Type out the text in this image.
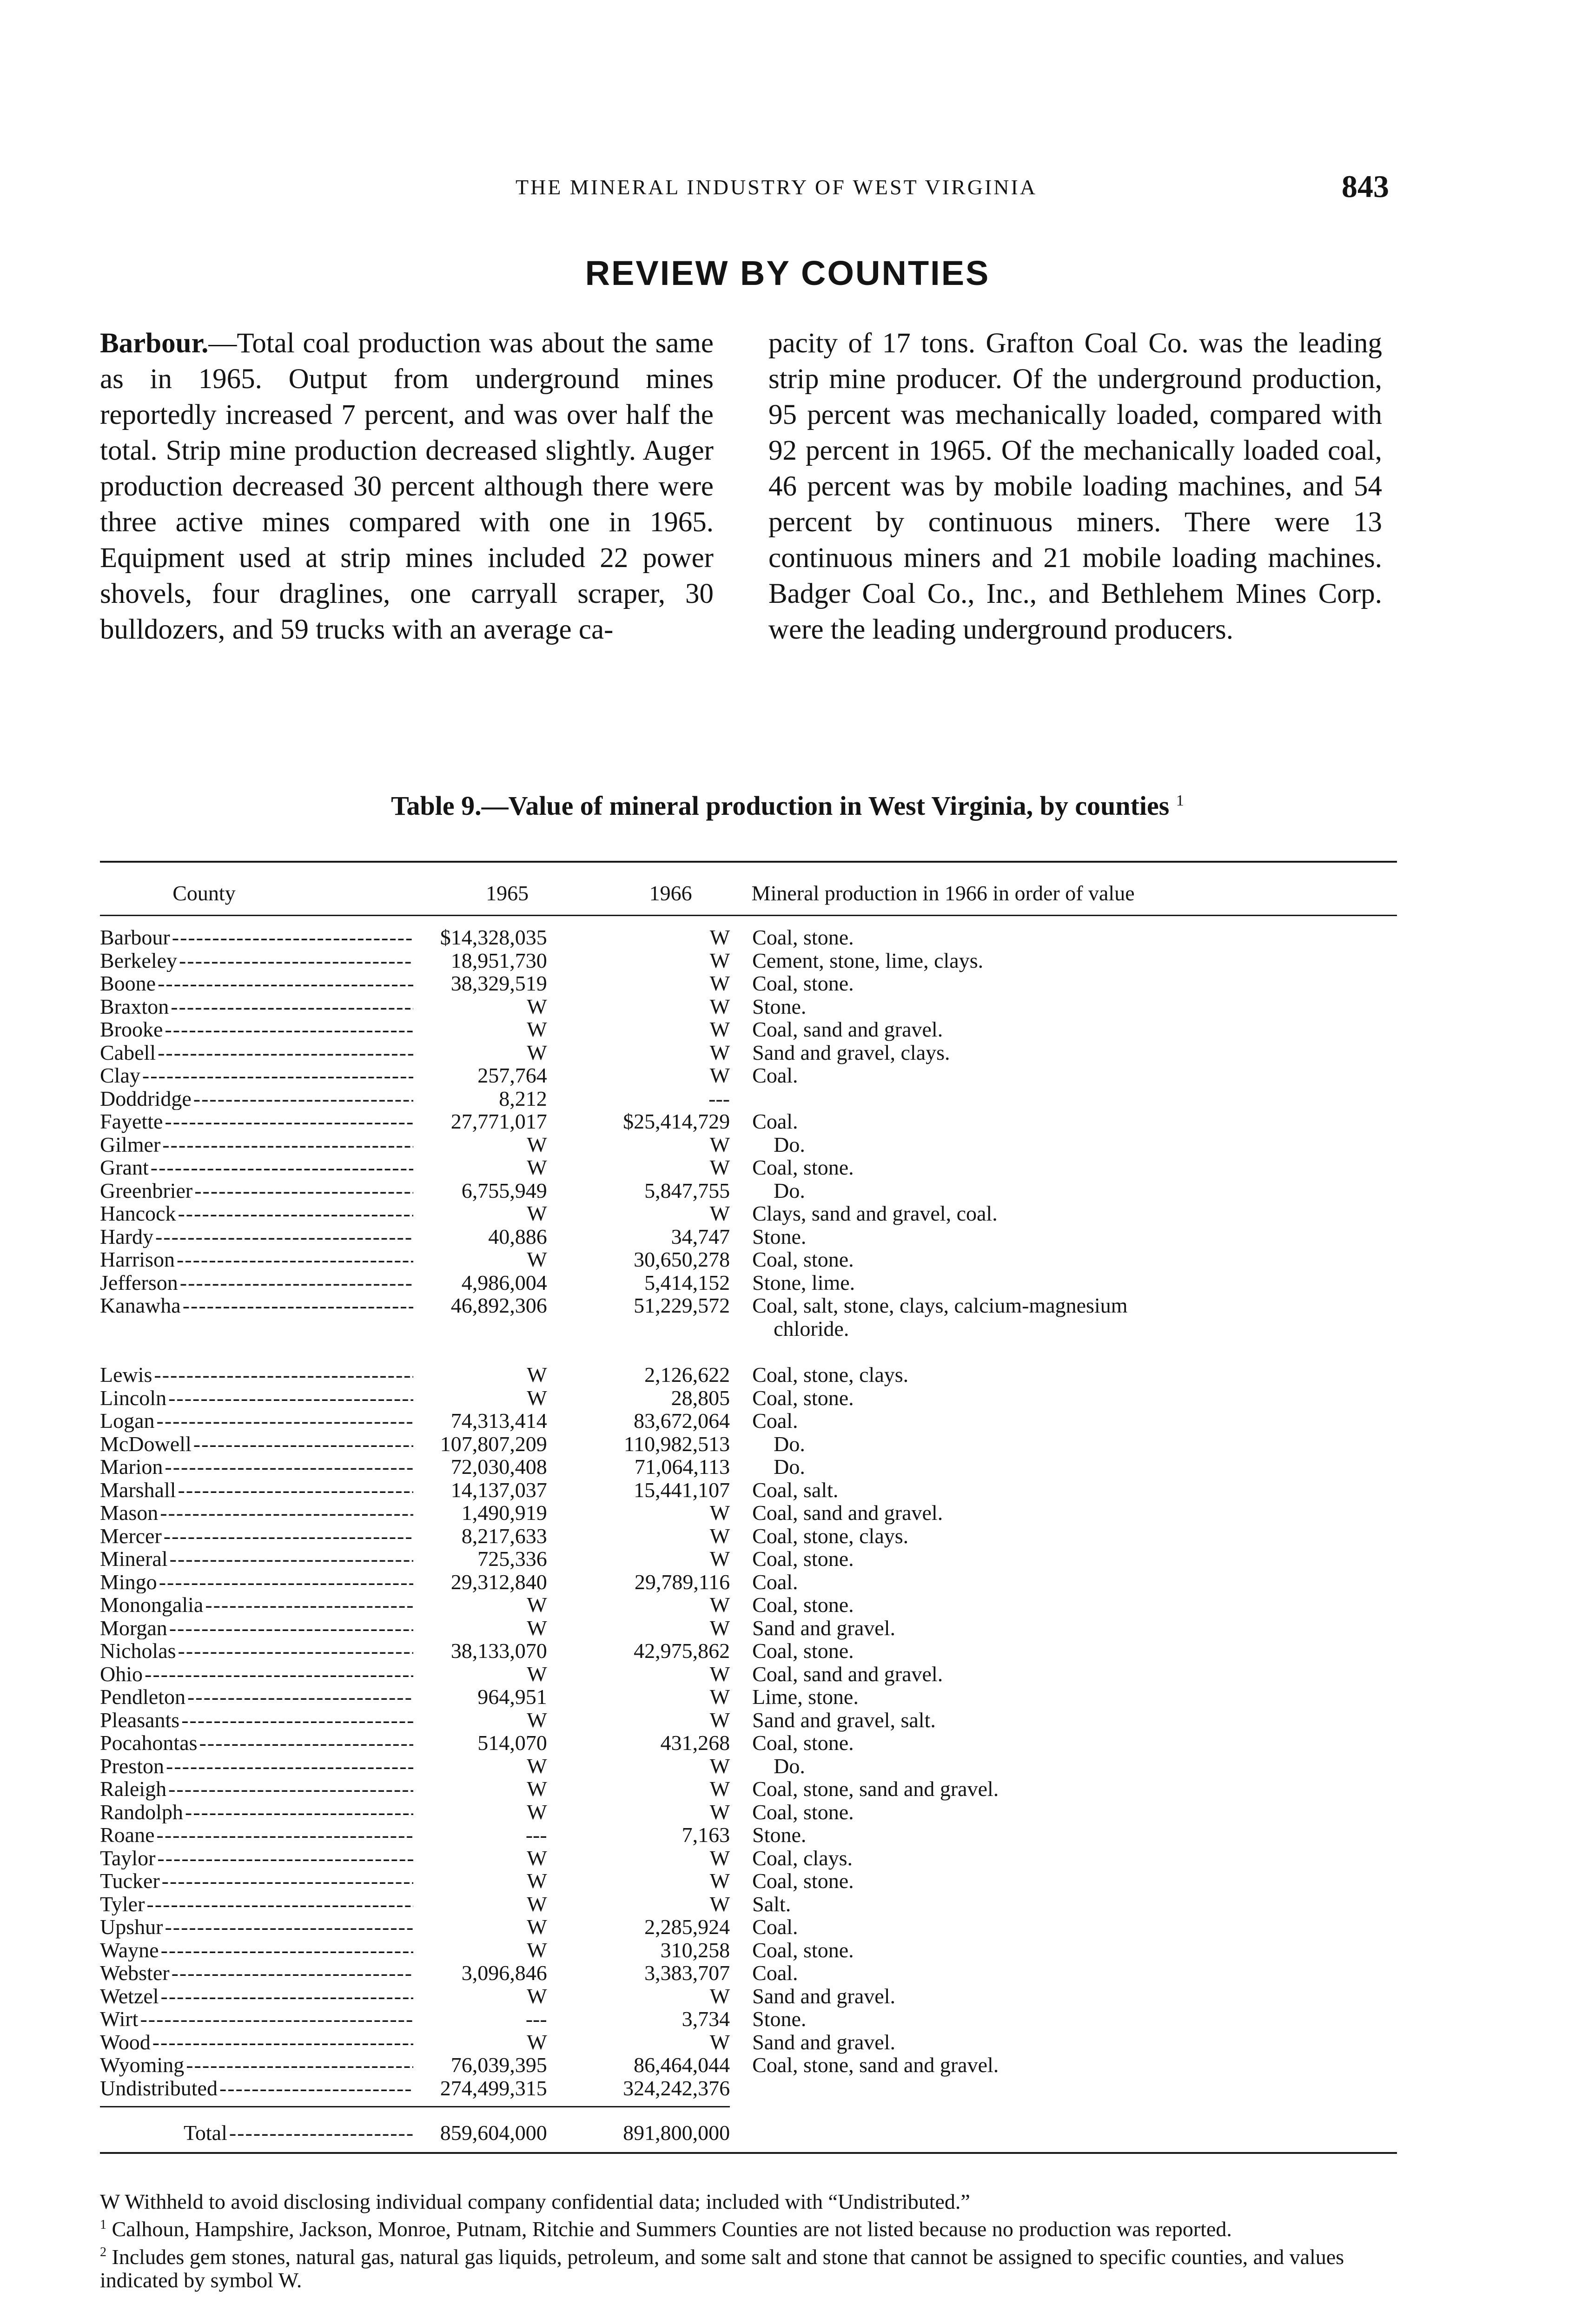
THE MINERAL INDUSTRY OF WEST VIRGINIA	843
REVIEW BY COUNTIES

Barbour.—Total coal production was about the same as in 1965. Output from underground mines reportedly increased 7 percent, and was over half the total. Strip mine production decreased slightly. Auger production decreased 30 percent although there were three active mines compared with one in 1965. Equipment used at strip mines included 22 power shovels, four draglines, one carryall scraper, 30 bulldozers, and 59 trucks with an average ca-

pacity of 17 tons. Grafton Coal Co. was the leading strip mine producer. Of the underground production, 95 percent was mechanically loaded, compared with 92 percent in 1965. Of the mechanically loaded coal, 46 percent was by mobile loading machines, and 54 percent by continuous miners. There were 13 continuous miners and 21 mobile loading machines. Badger Coal Co., Inc., and Bethlehem Mines Corp. were the leading underground producers.

Table 9.—Value of mineral production in West Virginia, by counties $^1$
County	1965	1966	Mineral production in 1966 in order of value
Barbour -----	$14,328,035	W	Coal, stone.

Berkeley -----	18,951,730	W	Cement, stone, lime, clays.

Boone -----	38,329,519	W	Coal, stone.

Braxton -----	W	W	Stone.

Brooke -----	W	W	Coal, sand and gravel.

Cabell -----	W	W	Sand and gravel, clays.

Clay -----	257,764	W	Coal.

Doddridge -----	8,212	---	

Fayette -----	27,771,017	$25,414,729	Coal.

Gilmer -----	W	W	Do.

Grant -----	W	W	Coal, stone.

Greenbrier -----	6,755,949	5,847,755	Do.

Hancock -----	W	W	Clays, sand and gravel, coal.

Hardy -----	40,886	34,747	Stone.

Harrison -----	W	30,650,278	Coal, stone.

Jefferson -----	4,986,004	5,414,152	Stone, lime.

Kanawha -----	46,892,306	51,229,572	Coal, salt, stone, clays, calcium-magnesium
			chloride.

Lewis -----	W	2,126,622	Coal, stone, clays.

Lincoln -----	W	28,805	Coal, stone.

Logan -----	74,313,414	83,672,064	Coal.

McDowell -----	107,807,209	110,982,513	Do.

Marion -----	72,030,408	71,064,113	Do.

Marshall -----	14,137,037	15,441,107	Coal, salt.

Mason -----	1,490,919	W	Coal, sand and gravel.

Mercer -----	8,217,633	W	Coal, stone, clays.

Mineral -----	725,336	W	Coal, stone.

Mingo -----	29,312,840	29,789,116	Coal.

Monongalia -----	W	W	Coal, stone.

Morgan -----	W	W	Sand and gravel.

Nicholas -----	38,133,070	42,975,862	Coal, stone.

Ohio -----	W	W	Coal, sand and gravel.

Pendleton -----	964,951	W	Lime, stone.

Pleasants -----	W	W	Sand and gravel, salt.

Pocahontas -----	514,070	431,268	Coal, stone.

Preston -----	W	W	Do.

Raleigh -----	W	W	Coal, stone, sand and gravel.

Randolph -----	W	W	Coal, stone.

Roane -----	---	7,163	Stone.

Taylor -----	W	W	Coal, clays.

Tucker -----	W	W	Coal, stone.

Tyler -----	W	W	Salt.

Upshur -----	W	2,285,924	Coal.

Wayne -----	W	310,258	Coal, stone.

Webster -----	3,096,846	3,383,707	Coal.

Wetzel -----	W	W	Sand and gravel.

Wirt -----	---	3,734	Stone.

Wood -----	W	W	Sand and gravel.

Wyoming -----	76,039,395	86,464,044	Coal, stone, sand and gravel.

Undistributed -----	274,499,315	324,242,376	

Total -----	859,604,000	891,800,000	

W Withheld to avoid disclosing individual company confidential data; included with “Undistributed.”

$^1$ Calhoun, Hampshire, Jackson, Monroe, Putnam, Ritchie and Summers Counties are not listed because no production was reported.

$^2$ Includes gem stones, natural gas, natural gas liquids, petroleum, and some salt and stone that cannot be assigned to specific counties, and values indicated by symbol W.
